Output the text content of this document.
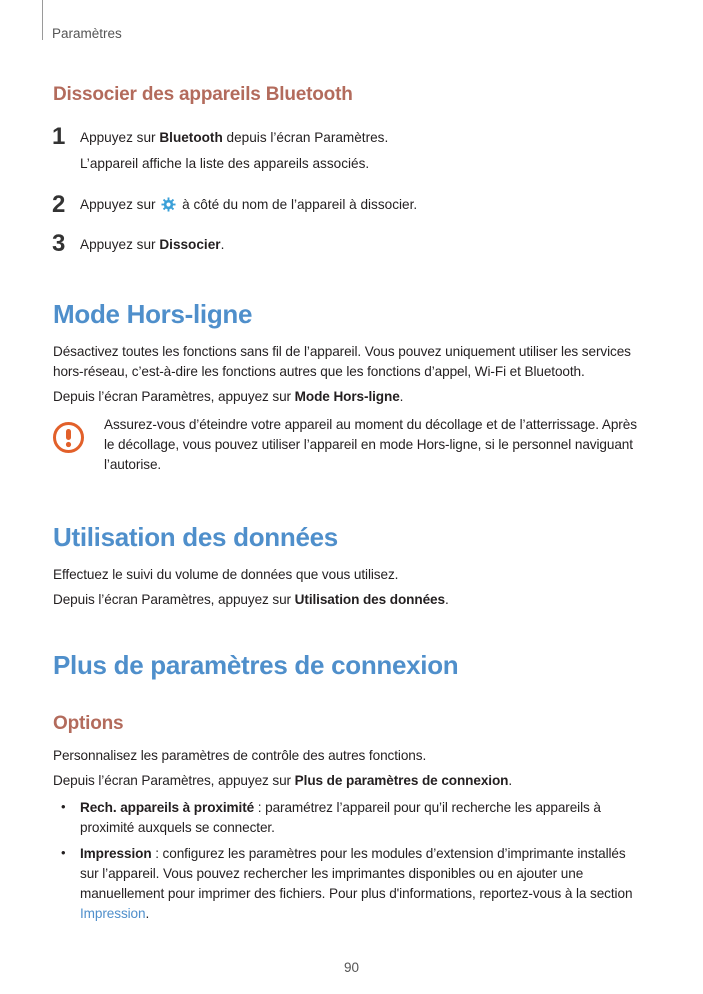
Paramètres
Dissocier des appareils Bluetooth
1 Appuyez sur Bluetooth depuis l’écran Paramètres.
L’appareil affiche la liste des appareils associés.
2 Appuyez sur  à côté du nom de l’appareil à dissocier.
3 Appuyez sur Dissocier.
Mode Hors-ligne
Désactivez toutes les fonctions sans fil de l’appareil. Vous pouvez uniquement utiliser les services
hors-réseau, c’est-à-dire les fonctions autres que les fonctions d’appel, Wi-Fi et Bluetooth.
Depuis l’écran Paramètres, appuyez sur Mode Hors-ligne.
Assurez-vous d’éteindre votre appareil au moment du décollage et de l’atterrissage. Après
le décollage, vous pouvez utiliser l’appareil en mode Hors-ligne, si le personnel naviguant
l’autorise.
Utilisation des données
Effectuez le suivi du volume de données que vous utilisez.
Depuis l’écran Paramètres, appuyez sur Utilisation des données.
Plus de paramètres de connexion
Options
Personnalisez les paramètres de contrôle des autres fonctions.
Depuis l’écran Paramètres, appuyez sur Plus de paramètres de connexion.
• Rech. appareils à proximité : paramétrez l’appareil pour qu’il recherche les appareils à
proximité auxquels se connecter.
• Impression : configurez les paramètres pour les modules d’extension d’imprimante installés
sur l’appareil. Vous pouvez rechercher les imprimantes disponibles ou en ajouter une
manuellement pour imprimer des fichiers. Pour plus d'informations, reportez-vous à la section
Impression.
90
